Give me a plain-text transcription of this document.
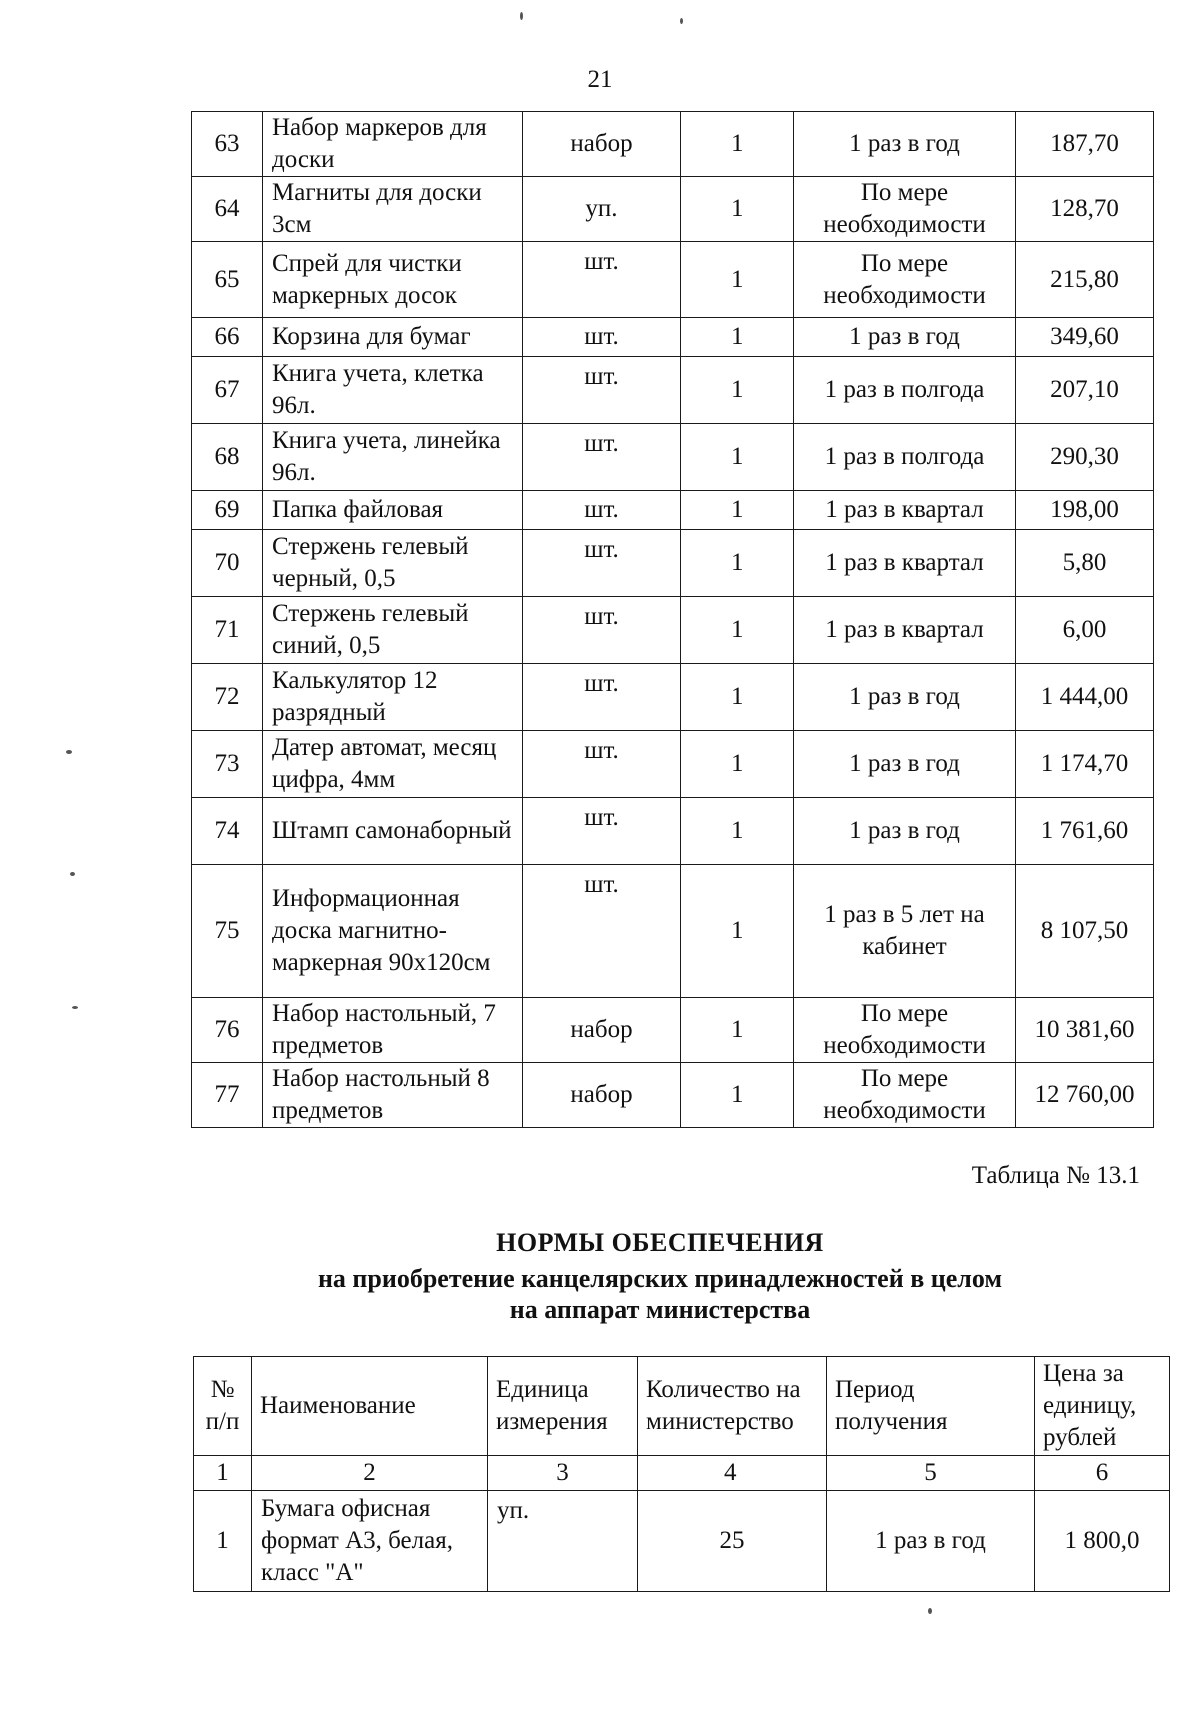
21
63	Набор маркеров для доски	набор	1	1 раз в год	187,70
64	Магниты для доски 3см	уп.	1	По мере необходимости	128,70
65	Спрей для чистки маркерных досок	шт.	1	По мере необходимости	215,80
66	Корзина для бумаг	шт.	1	1 раз в год	349,60
67	Книга учета, клетка 96л.	шт.	1	1 раз в полгода	207,10
68	Книга учета, линейка 96л.	шт.	1	1 раз в полгода	290,30
69	Папка файловая	шт.	1	1 раз в квартал	198,00
70	Стержень гелевый черный, 0,5	шт.	1	1 раз в квартал	5,80
71	Стержень гелевый синий, 0,5	шт.	1	1 раз в квартал	6,00
72	Калькулятор 12 разрядный	шт.	1	1 раз в год	1 444,00
73	Датер автомат, месяц цифра, 4мм	шт.	1	1 раз в год	1 174,70
74	Штамп самонаборный	шт.	1	1 раз в год	1 761,60
75	Информационная доска магнитно-маркерная 90х120см	шт.	1	1 раз в 5 лет на кабинет	8 107,50
76	Набор настольный, 7 предметов	набор	1	По мере необходимости	10 381,60
77	Набор настольный 8 предметов	набор	1	По мере необходимости	12 760,00
Таблица № 13.1
НОРМЫ ОБЕСПЕЧЕНИЯ
на приобретение канцелярских принадлежностей в целом
на аппарат министерства
№ п/п	Наименование	Единица измерения	Количество на министерство	Период получения	Цена за единицу, рублей
1	2	3	4	5	6
1	Бумага офисная формат А3, белая, класс "А"	уп.	25	1 раз в год	1 800,0
